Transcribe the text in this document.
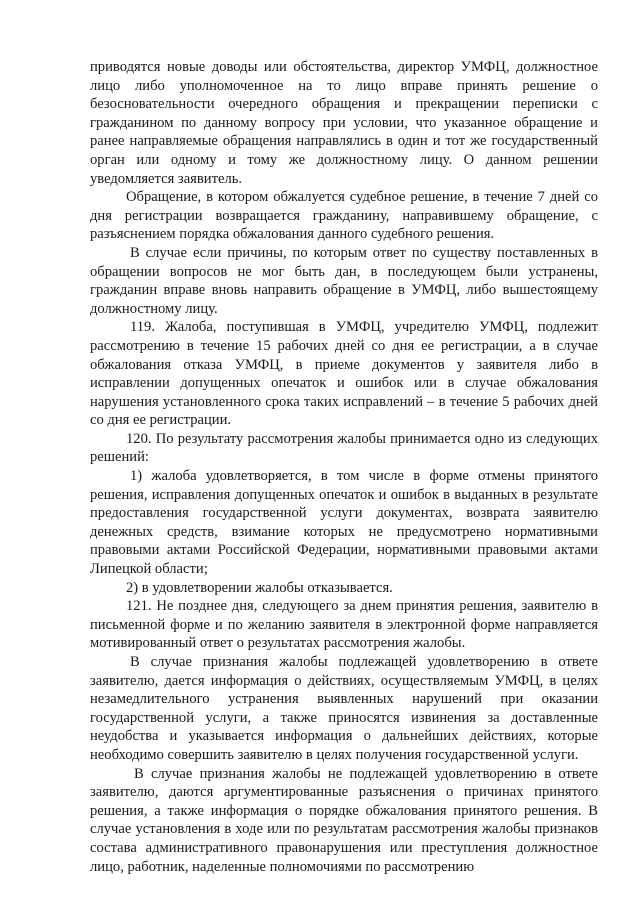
приводятся новые доводы или обстоятельства, директор УМФЦ, должностное лицо либо уполномоченное на то лицо вправе принять решение о безосновательности очередного обращения и прекращении переписки с гражданином по данному вопросу при условии, что указанное обращение и ранее направляемые обращения направлялись в один и тот же государственный орган или одному и тому же должностному лицу. О данном решении уведомляется заявитель.

Обращение, в котором обжалуется судебное решение, в течение 7 дней со дня регистрации возвращается гражданину, направившему обращение, с разъяснением порядка обжалования данного судебного решения.

В случае если причины, по которым ответ по существу поставленных в обращении вопросов не мог быть дан, в последующем были устранены, гражданин вправе вновь направить обращение в УМФЦ, либо вышестоящему должностному лицу.

119. Жалоба, поступившая в УМФЦ, учредителю УМФЦ, подлежит рассмотрению в течение 15 рабочих дней со дня ее регистрации, а в случае обжалования отказа УМФЦ, в приеме документов у заявителя либо в исправлении допущенных опечаток и ошибок или в случае обжалования нарушения установленного срока таких исправлений – в течение 5 рабочих дней со дня ее регистрации.

120. По результату рассмотрения жалобы принимается одно из следующих решений:

1) жалоба удовлетворяется, в том числе в форме отмены принятого решения, исправления допущенных опечаток и ошибок в выданных в результате предоставления государственной услуги документах, возврата заявителю денежных средств, взимание которых не предусмотрено нормативными правовыми актами Российской Федерации, нормативными правовыми актами Липецкой области;

2) в удовлетворении жалобы отказывается.

121. Не позднее дня, следующего за днем принятия решения, заявителю в письменной форме и по желанию заявителя в электронной форме направляется мотивированный ответ о результатах рассмотрения жалобы.

В случае признания жалобы подлежащей удовлетворению в ответе заявителю, дается информация о действиях, осуществляемым УМФЦ, в целях незамедлительного устранения выявленных нарушений при оказании государственной услуги, а также приносятся извинения за доставленные неудобства и указывается информация о дальнейших действиях, которые необходимо совершить заявителю в целях получения государственной услуги.

В случае признания жалобы не подлежащей удовлетворению в ответе заявителю, даются аргументированные разъяснения о причинах принятого решения, а также информация о порядке обжалования принятого решения. В случае установления в ходе или по результатам рассмотрения жалобы признаков состава административного правонарушения или преступления должностное лицо, работник, наделенные полномочиями по рассмотрению
